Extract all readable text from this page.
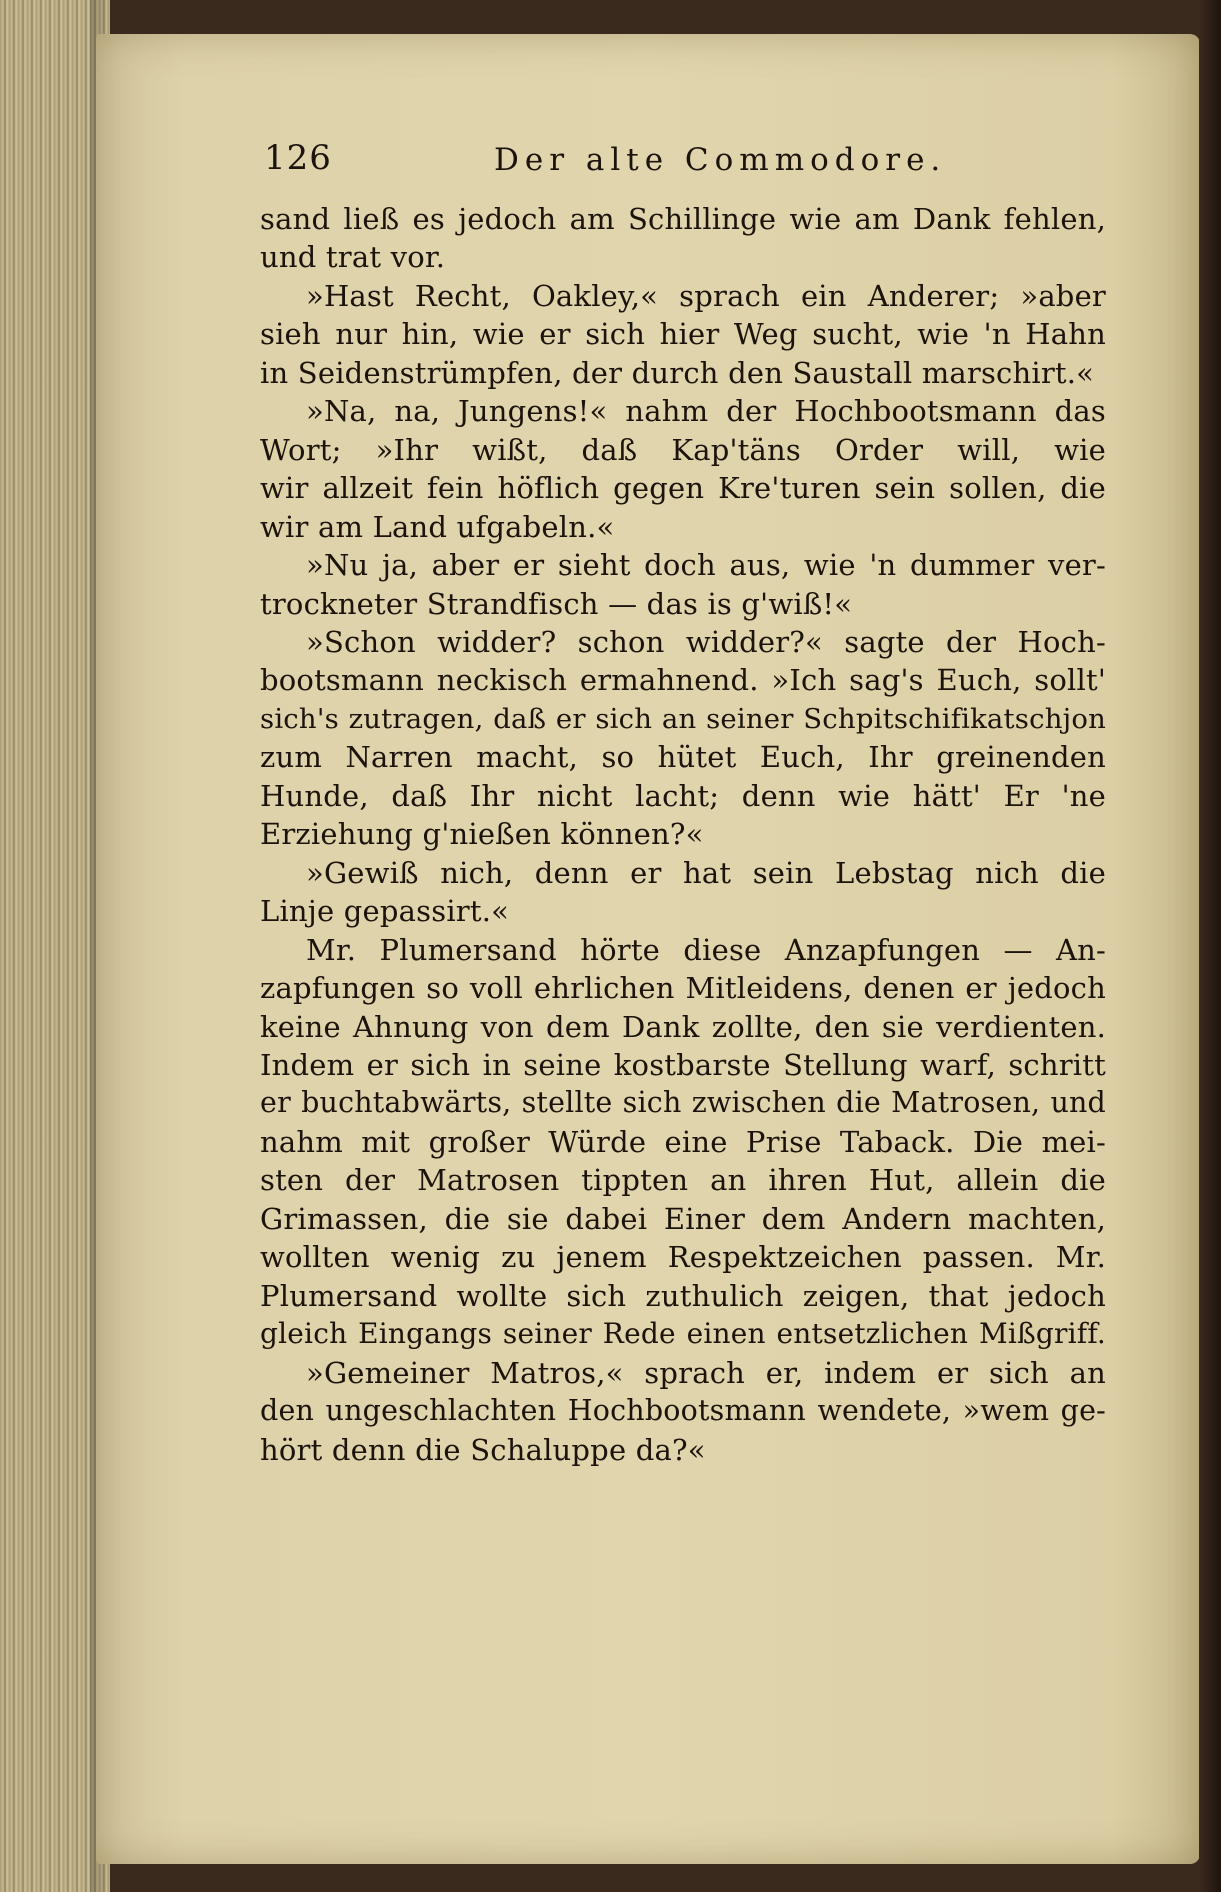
126	Der alte Commodore.
sand ließ es jedoch am Schillinge wie am Dank fehlen,
und trat vor.
»Hast Recht, Oakley,« sprach ein Anderer; »aber
sieh nur hin, wie er sich hier Weg sucht, wie 'n Hahn
in Seidenstrümpfen, der durch den Saustall marschirt.«
»Na, na, Jungens!« nahm der Hochbootsmann das
Wort; »Ihr wißt, daß Kap'täns Order will, wie
wir allzeit fein höflich gegen Kre'turen sein sollen, die
wir am Land ufgabeln.«
»Nu ja, aber er sieht doch aus, wie 'n dummer ver-
trockneter Strandfisch — das is g'wiß!«
»Schon widder? schon widder?« sagte der Hoch-
bootsmann neckisch ermahnend. »Ich sag's Euch, sollt'
sich's zutragen, daß er sich an seiner Schpitschifikatschjon
zum Narren macht, so hütet Euch, Ihr greinenden
Hunde, daß Ihr nicht lacht; denn wie hätt' Er 'ne
Erziehung g'nießen können?«
»Gewiß nich, denn er hat sein Lebstag nich die
Linje gepassirt.«
Mr. Plumersand hörte diese Anzapfungen — An-
zapfungen so voll ehrlichen Mitleidens, denen er jedoch
keine Ahnung von dem Dank zollte, den sie verdienten.
Indem er sich in seine kostbarste Stellung warf, schritt
er buchtabwärts, stellte sich zwischen die Matrosen, und
nahm mit großer Würde eine Prise Taback. Die mei-
sten der Matrosen tippten an ihren Hut, allein die
Grimassen, die sie dabei Einer dem Andern machten,
wollten wenig zu jenem Respektzeichen passen. Mr.
Plumersand wollte sich zuthulich zeigen, that jedoch
gleich Eingangs seiner Rede einen entsetzlichen Mißgriff.
»Gemeiner Matros,« sprach er, indem er sich an
den ungeschlachten Hochbootsmann wendete, »wem ge-
hört denn die Schaluppe da?«
